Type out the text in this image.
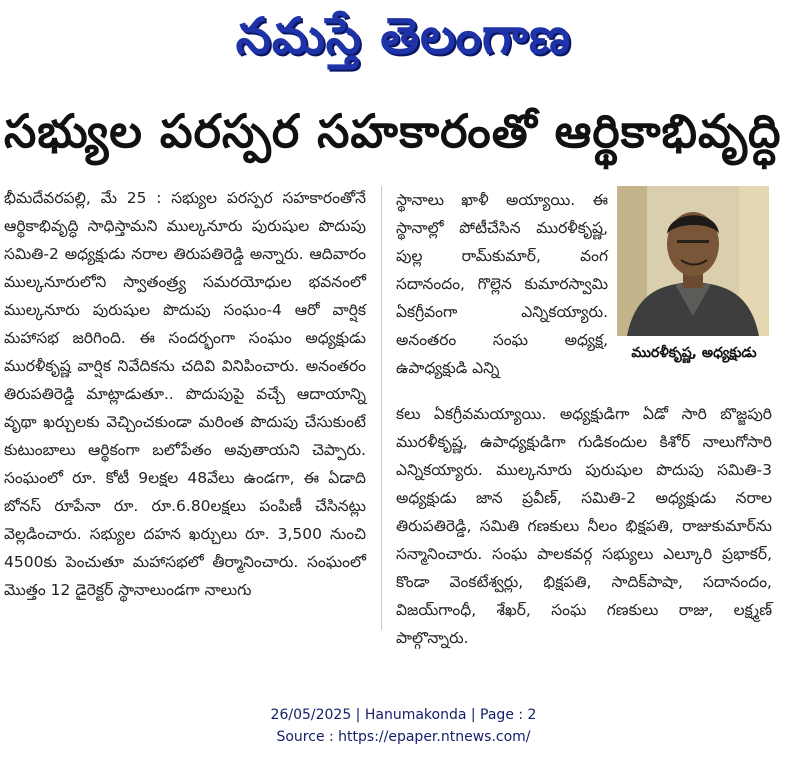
నమస్తే తెలంగాణ
సభ్యుల పరస్పర సహకారంతో ఆర్థికాభివృద్ధి
భీమదేవరపల్లి, మే 25 : సభ్యుల పరస్పర సహకారంతోనే ఆర్థికాభివృద్ధి సాధిస్తామని ముల్కనూరు పురుషుల పొదుపు సమితి-2 అధ్యక్షుడు నరాల తిరుపతిరెడ్డి అన్నారు. ఆదివారం ముల్కనూరులోని స్వాతంత్ర్య సమరయోధుల భవనంలో ముల్కనూరు పురుషుల పొదుపు సంఘం-4 ఆరో వార్షిక మహాసభ జరిగింది. ఈ సందర్భంగా సంఘం అధ్యక్షుడు మురళీకృష్ణ వార్షిక నివేదికను చదివి వినిపించారు. అనంతరం తిరుపతిరెడ్డి మాట్లాడుతూ.. పొదుపుపై వచ్చే ఆదాయాన్ని వృథా ఖర్చులకు వెచ్చించకుండా మరింత పొదుపు చేసుకుంటే కుటుంబాలు ఆర్థికంగా బలోపేతం అవుతాయని చెప్పారు. సంఘంలో రూ. కోటీ 9లక్షల 48వేలు ఉండగా, ఈ ఏడాది బోనస్ రూపేనా రూ. రూ.6.80లక్షలు పంపిణీ చేసినట్లు వెల్లడించారు. సభ్యుల దహన ఖర్చులు రూ. 3,500 నుంచి 4500కు పెంచుతూ మహాసభలో తీర్మానించారు. సంఘంలో మొత్తం 12 డైరెక్టర్ స్థానాలుండగా నాలుగు
స్థానాలు ఖాళీ అయ్యాయి. ఈ స్థానాల్లో పోటీచేసిన మురళీకృష్ణ, పుల్ల రామ్‌కుమార్, వంగ సదానందం, గొల్లెన కుమారస్వామి ఏకగ్రీవంగా ఎన్నికయ్యారు. అనంతరం సంఘ అధ్యక్ష, ఉపాధ్యక్షుడి ఎన్ని
మురళీకృష్ణ, అధ్యక్షుడు
కలు ఏకగ్రీవమయ్యాయి. అధ్యక్షుడిగా ఏడో సారి బొజ్జపురి మురళీకృష్ణ, ఉపాధ్యక్షుడిగా గుడికందుల కిశోర్ నాలుగోసారి ఎన్నికయ్యారు. ముల్కనూరు పురుషుల పొదుపు సమితి-3 అధ్యక్షుడు జాన ప్రవీణ్, సమితి-2 అధ్యక్షుడు నరాల తిరుపతిరెడ్డి, సమితి గణకులు నీలం భిక్షపతి, రాజుకుమార్‌ను సన్మానించారు. సంఘ పాలకవర్గ సభ్యులు ఎల్కూరి ప్రభాకర్, కొండా వెంకటేశ్వర్లు, భిక్షపతి, సాదిక్‌పాషా, సదానందం, విజయ్‌గాంధీ, శేఖర్, సంఘ గణకులు రాజు, లక్ష్మణ్ పాల్గొన్నారు.
26/05/2025 | Hanumakonda | Page : 2
Source : https://epaper.ntnews.com/
